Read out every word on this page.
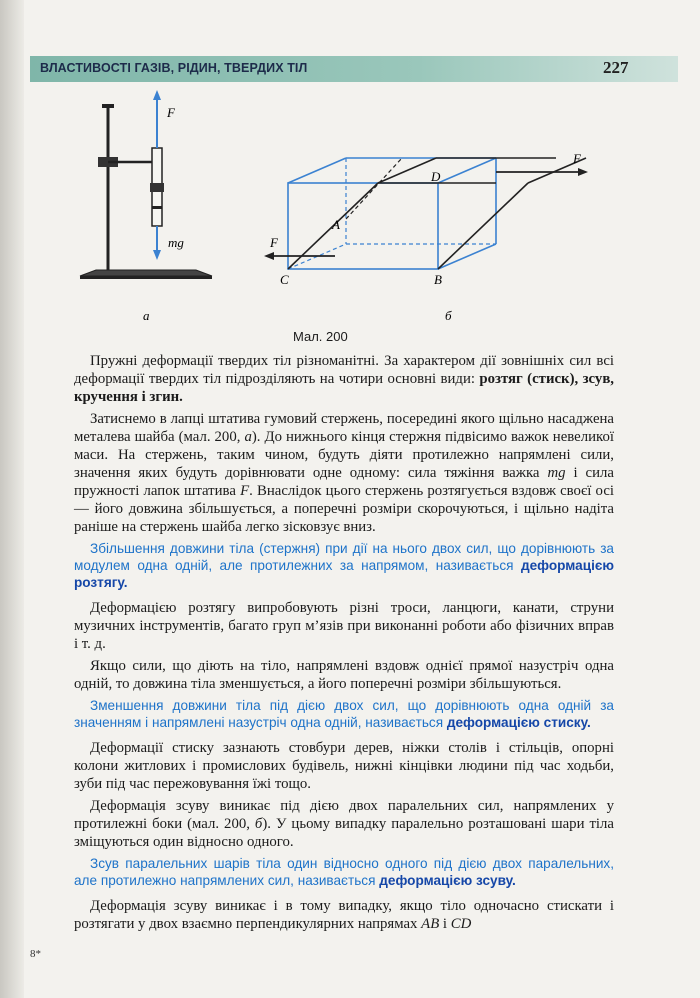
ВЛАСТИВОСТІ ГАЗІВ, РІДИН, ТВЕРДИХ ТІЛ	227
F
mg
F
F
D
A
C	B
а	б
Мал. 200

Пружні деформації твердих тіл різноманітні. За характером дії зовнішніх сил всі деформації твердих тіл підрозділяють на чотири основні види: розтяг (стиск), зсув, кручення і згин.

Затиснемо в лапці штатива гумовий стержень, посередині якого щільно насаджена металева шайба (мал. 200, а). До нижнього кінця стержня підвісимо важок невеликої маси. На стержень, таким чином, будуть діяти протилежно напрямлені сили, значення яких будуть дорівнювати одне одному: сила тяжіння важка mg і сила пружності лапок штатива F. Внаслідок цього стержень розтягується вздовж своєї осі — його довжина збільшується, а поперечні розміри скорочуються, і щільно надіта раніше на стержень шайба легко зісковзує вниз.

Збільшення довжини тіла (стержня) при дії на нього двох сил, що дорівнюють за модулем одна одній, але протилежних за напрямом, називається деформацією розтягу.

Деформацією розтягу випробовують різні троси, ланцюги, канати, струни музичних інструментів, багато груп м’язів при виконанні роботи або фізичних вправ і т. д.

Якщо сили, що діють на тіло, напрямлені вздовж однієї прямої назустріч одна одній, то довжина тіла зменшується, а його поперечні розміри збільшуються.

Зменшення довжини тіла під дією двох сил, що дорівнюють одна одній за значенням і напрямлені назустріч одна одній, називається деформацією стиску.

Деформації стиску зазнають стовбури дерев, ніжки столів і стільців, опорні колони житлових і промислових будівель, нижні кінцівки людини під час ходьби, зуби під час пережовування їжі тощо.

Деформація зсуву виникає під дією двох паралельних сил, напрямлених у протилежні боки (мал. 200, б). У цьому випадку паралельно розташовані шари тіла зміщуються один відносно одного.

Зсув паралельних шарів тіла один відносно одного під дією двох паралельних, але протилежно напрямлених сил, називається деформацією зсуву.

Деформація зсуву виникає і в тому випадку, якщо тіло одночасно стискати і розтягати у двох взаємно перпендикулярних напрямах AB і CD

8*
